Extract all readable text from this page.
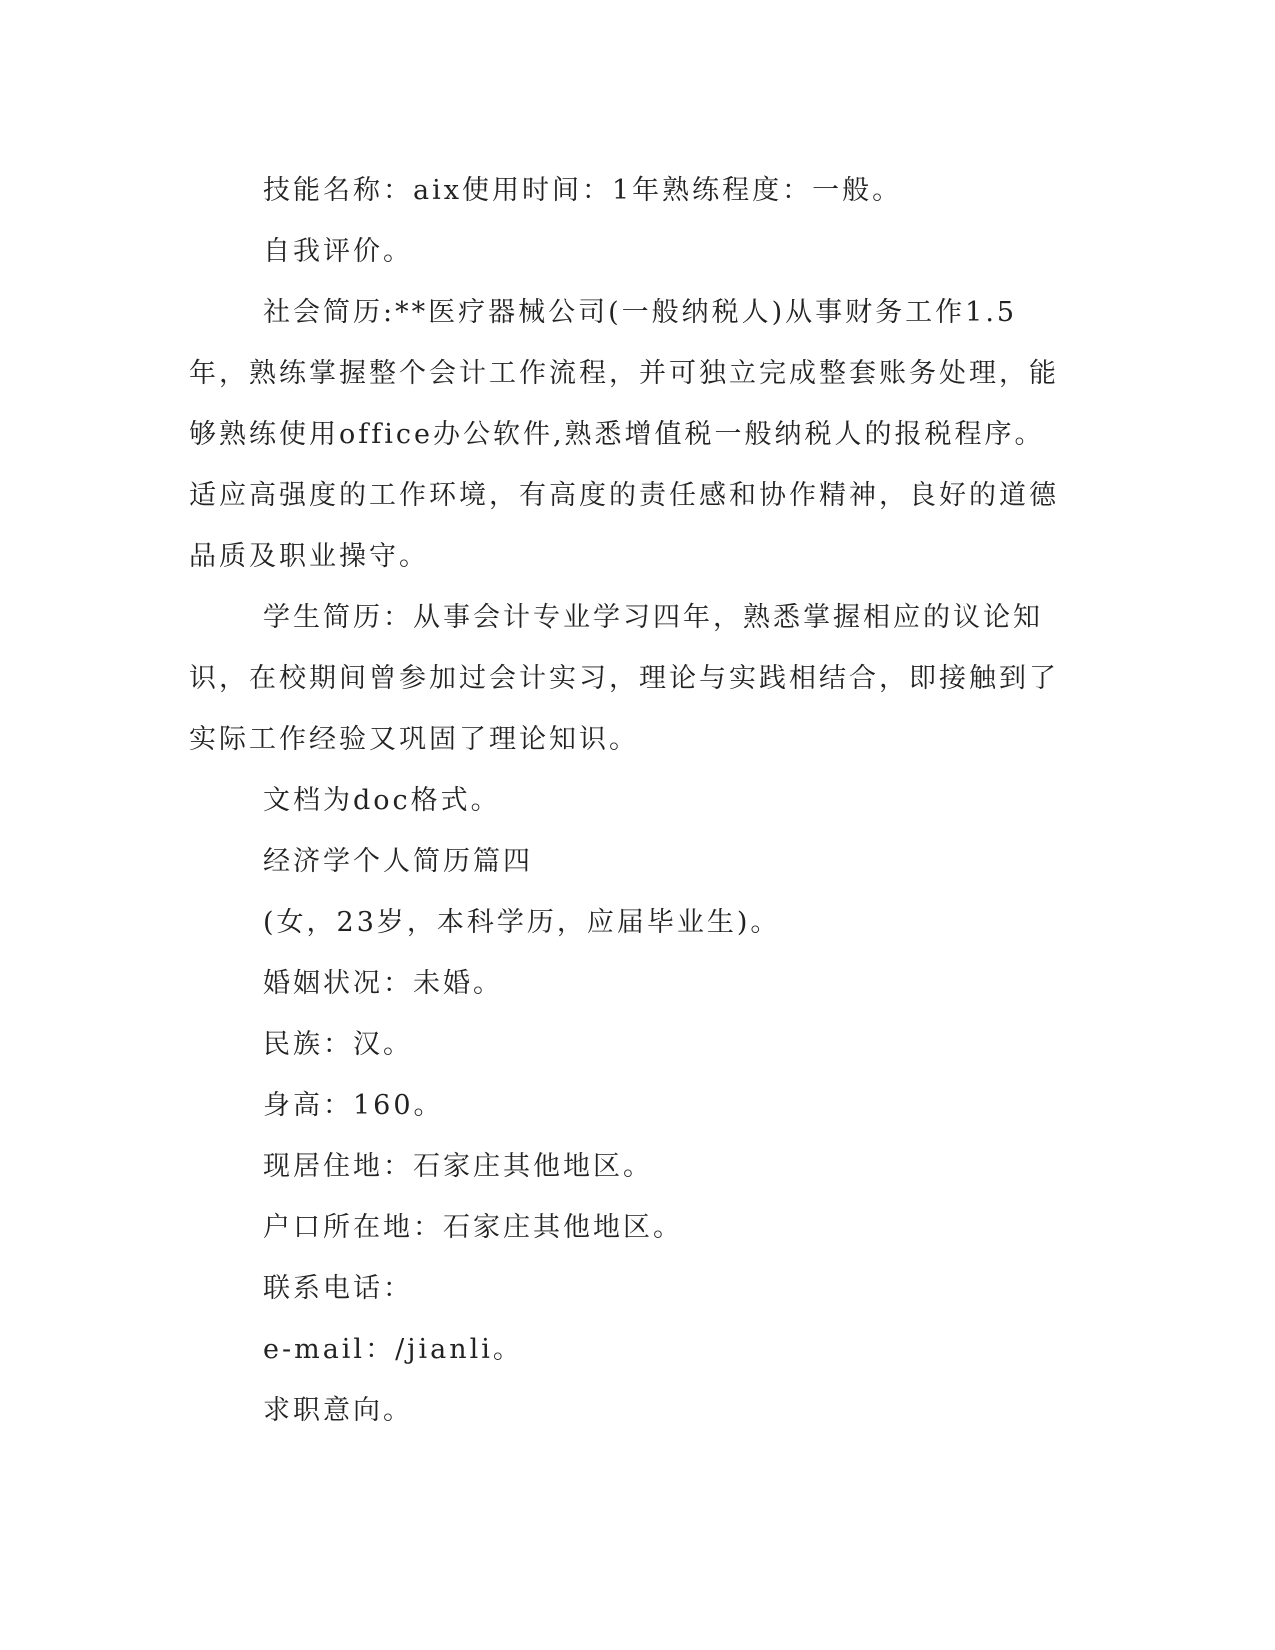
技能名称：aix使用时间：1年熟练程度：一般。

自我评价。

社会简历:**医疗器械公司(一般纳税人)从事财务工作1.5年，熟练掌握整个会计工作流程，并可独立完成整套账务处理，能够熟练使用office办公软件,熟悉增值税一般纳税人的报税程序。适应高强度的工作环境，有高度的责任感和协作精神，良好的道德品质及职业操守。

学生简历：从事会计专业学习四年，熟悉掌握相应的议论知识，在校期间曾参加过会计实习，理论与实践相结合，即接触到了实际工作经验又巩固了理论知识。

文档为doc格式。

经济学个人简历篇四

(女，23岁，本科学历，应届毕业生)。

婚姻状况：未婚。

民族：汉。

身高：160。

现居住地：石家庄其他地区。

户口所在地：石家庄其他地区。

联系电话：

e-mail：/jianli。

求职意向。
